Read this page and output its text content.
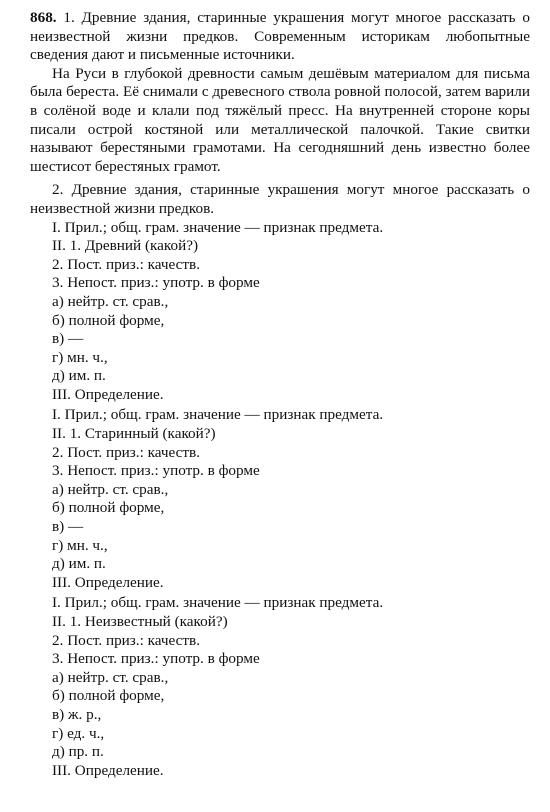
868. 1. Древние здания, старинные украшения могут многое рассказать о неизвестной жизни предков. Современным историкам любопытные сведения дают и письменные источники.

На Руси в глубокой древности самым дешёвым материалом для письма была береста. Её снимали с древесного ствола ровной полосой, затем варили в солёной воде и клали под тяжёлый пресс. На внутренней стороне коры писали острой костяной или металлической палочкой. Такие свитки называют берестяными грамотами. На сегодняшний день известно более шестисот берестяных грамот.

2. Древние здания, старинные украшения могут многое рассказать о неизвестной жизни предков.

I. Прил.; общ. грам. значение — признак предмета.
II. 1. Древний (какой?)
2. Пост. приз.: качеств.
3. Непост. приз.: употр. в форме
а) нейтр. ст. срав.,
б) полной форме,
в) —
г) мн. ч.,
д) им. п.
III. Определение.
I. Прил.; общ. грам. значение — признак предмета.
II. 1. Старинный (какой?)
2. Пост. приз.: качеств.
3. Непост. приз.: употр. в форме
а) нейтр. ст. срав.,
б) полной форме,
в) —
г) мн. ч.,
д) им. п.
III. Определение.
I. Прил.; общ. грам. значение — признак предмета.
II. 1. Неизвестный (какой?)
2. Пост. приз.: качеств.
3. Непост. приз.: употр. в форме
а) нейтр. ст. срав.,
б) полной форме,
в) ж. р.,
г) ед. ч.,
д) пр. п.
III. Определение.
